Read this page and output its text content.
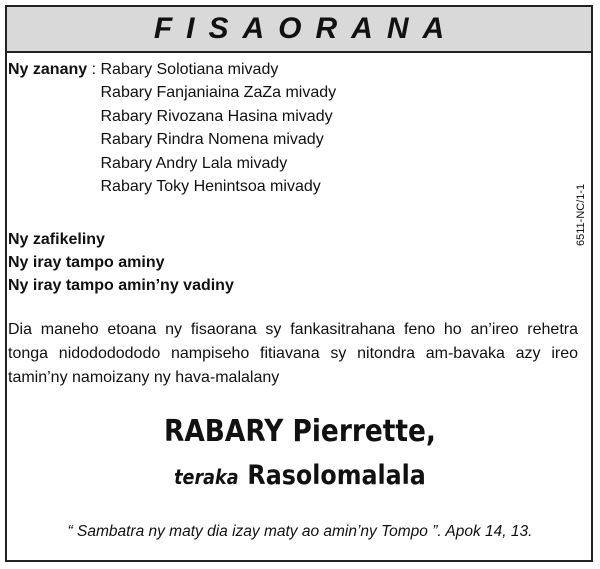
FISAORANA
Ny zanany : Rabary Solotiana mivady
Rabary Fanjaniaina ZaZa mivady
Rabary Rivozana Hasina mivady
Rabary Rindra Nomena mivady
Rabary Andry Lala mivady
Rabary Toky Henintsoa mivady
Ny zafikeliny
Ny iray tampo aminy
Ny iray tampo amin’ny vadiny
Dia maneho etoana ny fisaorana sy fankasitrahana feno ho an’ireo rehetra tonga nidododododo nampiseho fitiavana sy nitondra am-bavaka azy ireo tamin’ny namoizany ny hava-malalany
RABARY Pierrette,
teraka Rasolomalala
“ Sambatra ny maty dia izay maty ao amin’ny Tompo ”. Apok 14, 13.
6511-NC/1-1
